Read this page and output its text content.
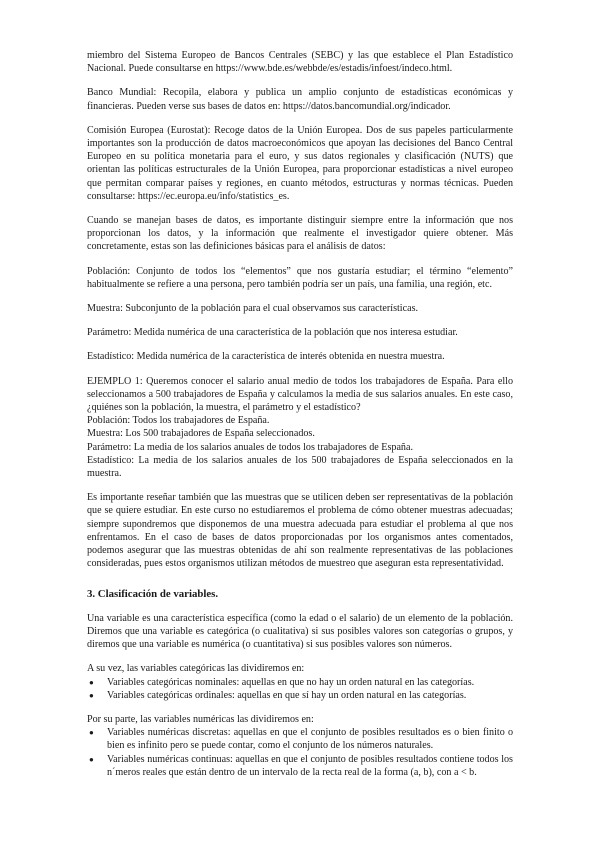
miembro del Sistema Europeo de Bancos Centrales (SEBC) y las que establece el Plan Estadístico Nacional. Puede consultarse en https://www.bde.es/webbde/es/estadis/infoest/indeco.html.

Banco Mundial: Recopila, elabora y publica un amplio conjunto de estadísticas económicas y financieras. Pueden verse sus bases de datos en: https://datos.bancomundial.org/indicador.

Comisión Europea (Eurostat): Recoge datos de la Unión Europea. Dos de sus papeles particularmente importantes son la producción de datos macroeconómicos que apoyan las decisiones del Banco Central Europeo en su política monetaria para el euro, y sus datos regionales y clasificación (NUTS) que orientan las políticas estructurales de la Unión Europea, para proporcionar estadísticas a nivel europeo que permitan comparar países y regiones, en cuanto métodos, estructuras y normas técnicas. Pueden consultarse: https://ec.europa.eu/info/statistics_es.

Cuando se manejan bases de datos, es importante distinguir siempre entre la información que nos proporcionan los datos, y la información que realmente el investigador quiere obtener. Más concretamente, estas son las definiciones básicas para el análisis de datos:

Población: Conjunto de todos los “elementos” que nos gustaría estudiar; el término “elemento” habitualmente se refiere a una persona, pero también podría ser un país, una familia, una región, etc.

Muestra: Subconjunto de la población para el cual observamos sus características.

Parámetro: Medida numérica de una característica de la población que nos interesa estudiar.

Estadístico: Medida numérica de la característica de interés obtenida en nuestra muestra.

EJEMPLO 1: Queremos conocer el salario anual medio de todos los trabajadores de España. Para ello seleccionamos a 500 trabajadores de España y calculamos la media de sus salarios anuales. En este caso, ¿quiénes son la población, la muestra, el parámetro y el estadístico?

Población: Todos los trabajadores de España.

Muestra: Los 500 trabajadores de España seleccionados.

Parámetro: La media de los salarios anuales de todos los trabajadores de España.

Estadístico: La media de los salarios anuales de los 500 trabajadores de España seleccionados en la muestra.

Es importante reseñar también que las muestras que se utilicen deben ser representativas de la población que se quiere estudiar. En este curso no estudiaremos el problema de cómo obtener muestras adecuadas; siempre supondremos que disponemos de una muestra adecuada para estudiar el problema al que nos enfrentamos. En el caso de bases de datos proporcionadas por los organismos antes comentados, podemos asegurar que las muestras obtenidas de ahí son realmente representativas de las poblaciones consideradas, pues estos organismos utilizan métodos de muestreo que aseguran esta representatividad.

3. Clasificación de variables.

Una variable es una característica específica (como la edad o el salario) de un elemento de la población. Diremos que una variable es categórica (o cualitativa) si sus posibles valores son categorías o grupos, y diremos que una variable es numérica (o cuantitativa) si sus posibles valores son números.

A su vez, las variables categóricas las dividiremos en:

● Variables categóricas nominales: aquellas en que no hay un orden natural en las categorías.
● Variables categóricas ordinales: aquellas en que sí hay un orden natural en las categorías.

Por su parte, las variables numéricas las dividiremos en:

● Variables numéricas discretas: aquellas en que el conjunto de posibles resultados es o bien finito o bien es infinito pero se puede contar, como el conjunto de los números naturales.
● Variables numéricas continuas: aquellas en que el conjunto de posibles resultados contiene todos los n´meros reales que están dentro de un intervalo de la recta real de la forma (a, b), con a < b.
